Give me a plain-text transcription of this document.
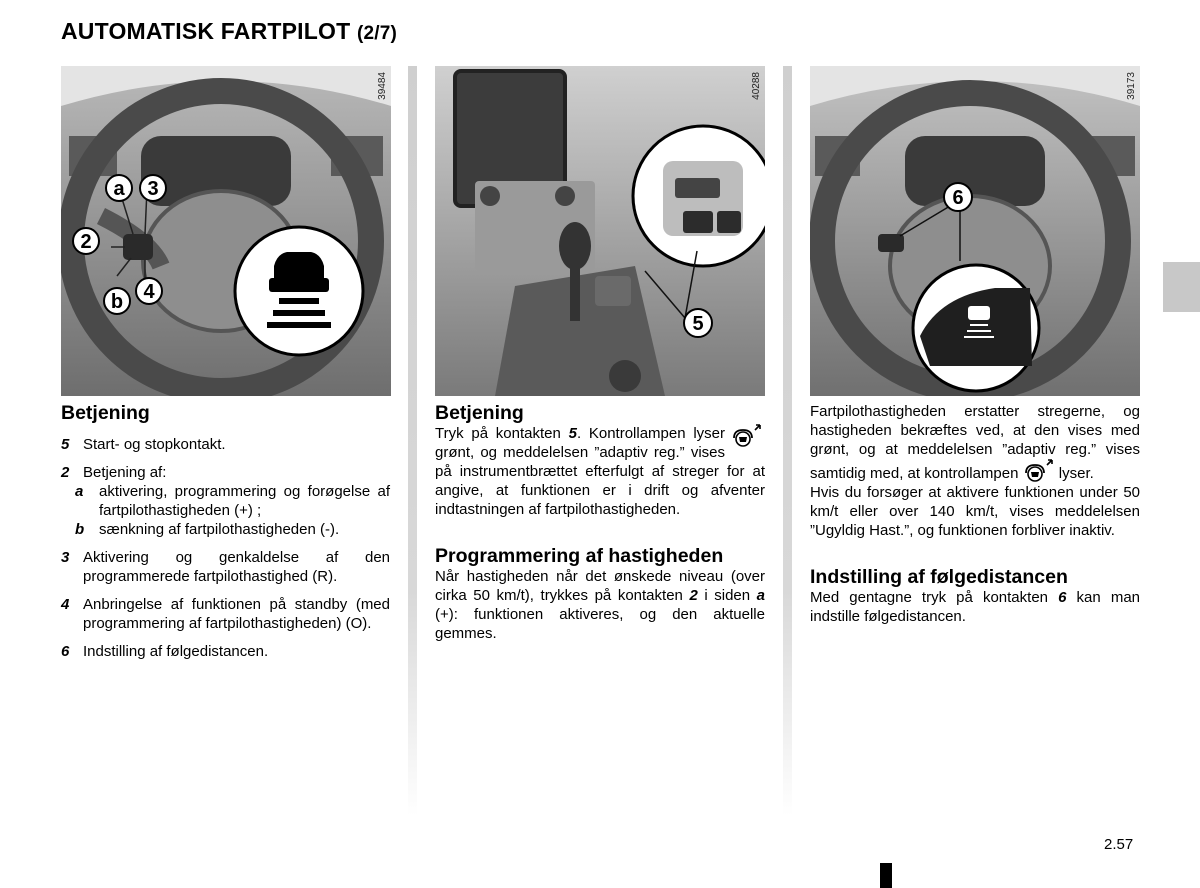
AUTOMATISK FARTPILOT (2/7)
a 3
2
b 4
39484
5
40288
6
39173
Betjening
5 Start- og stopkontakt.
2 Betjening af:
a	aktivering, programmering og forøgelse af fartpilothastigheden (+) ;
b sænkning af fartpilothastigheden (-).
3 Aktivering og genkaldelse af den programmerede fartpilothastighed (R).
4 Anbringelse af funktionen på standby (med programmering af fartpilothastigheden) (O).
6 Indstilling af følgedistancen.
Betjening
Tryk på kontakten 5. Kontrollampen lyser grønt, og meddelelsen ”adaptiv reg.” vises på instrumentbrættet efterfulgt af streger for at angive, at funktionen er i drift og afventer indtastningen af fartpilothastigheden.
Programmering af hastigheden
Når hastigheden når det ønskede niveau (over cirka 50 km/t), trykkes på kontakten 2 i siden a (+): funktionen aktiveres, og den aktuelle gemmes.
Fartpilothastigheden erstatter stregerne, og hastigheden bekræftes ved, at den vises med grønt, og at meddelelsen ”adaptiv reg.” vises samtidig med, at kontrollampen	lyser.
Hvis du forsøger at aktivere funktionen under 50 km/t eller over 140 km/t, vises meddelelsen ”Ugyldig Hast.”, og funktionen forbliver inaktiv.
Indstilling af følgedistancen
Med gentagne tryk på kontakten 6 kan man indstille følgedistancen.
2.57
